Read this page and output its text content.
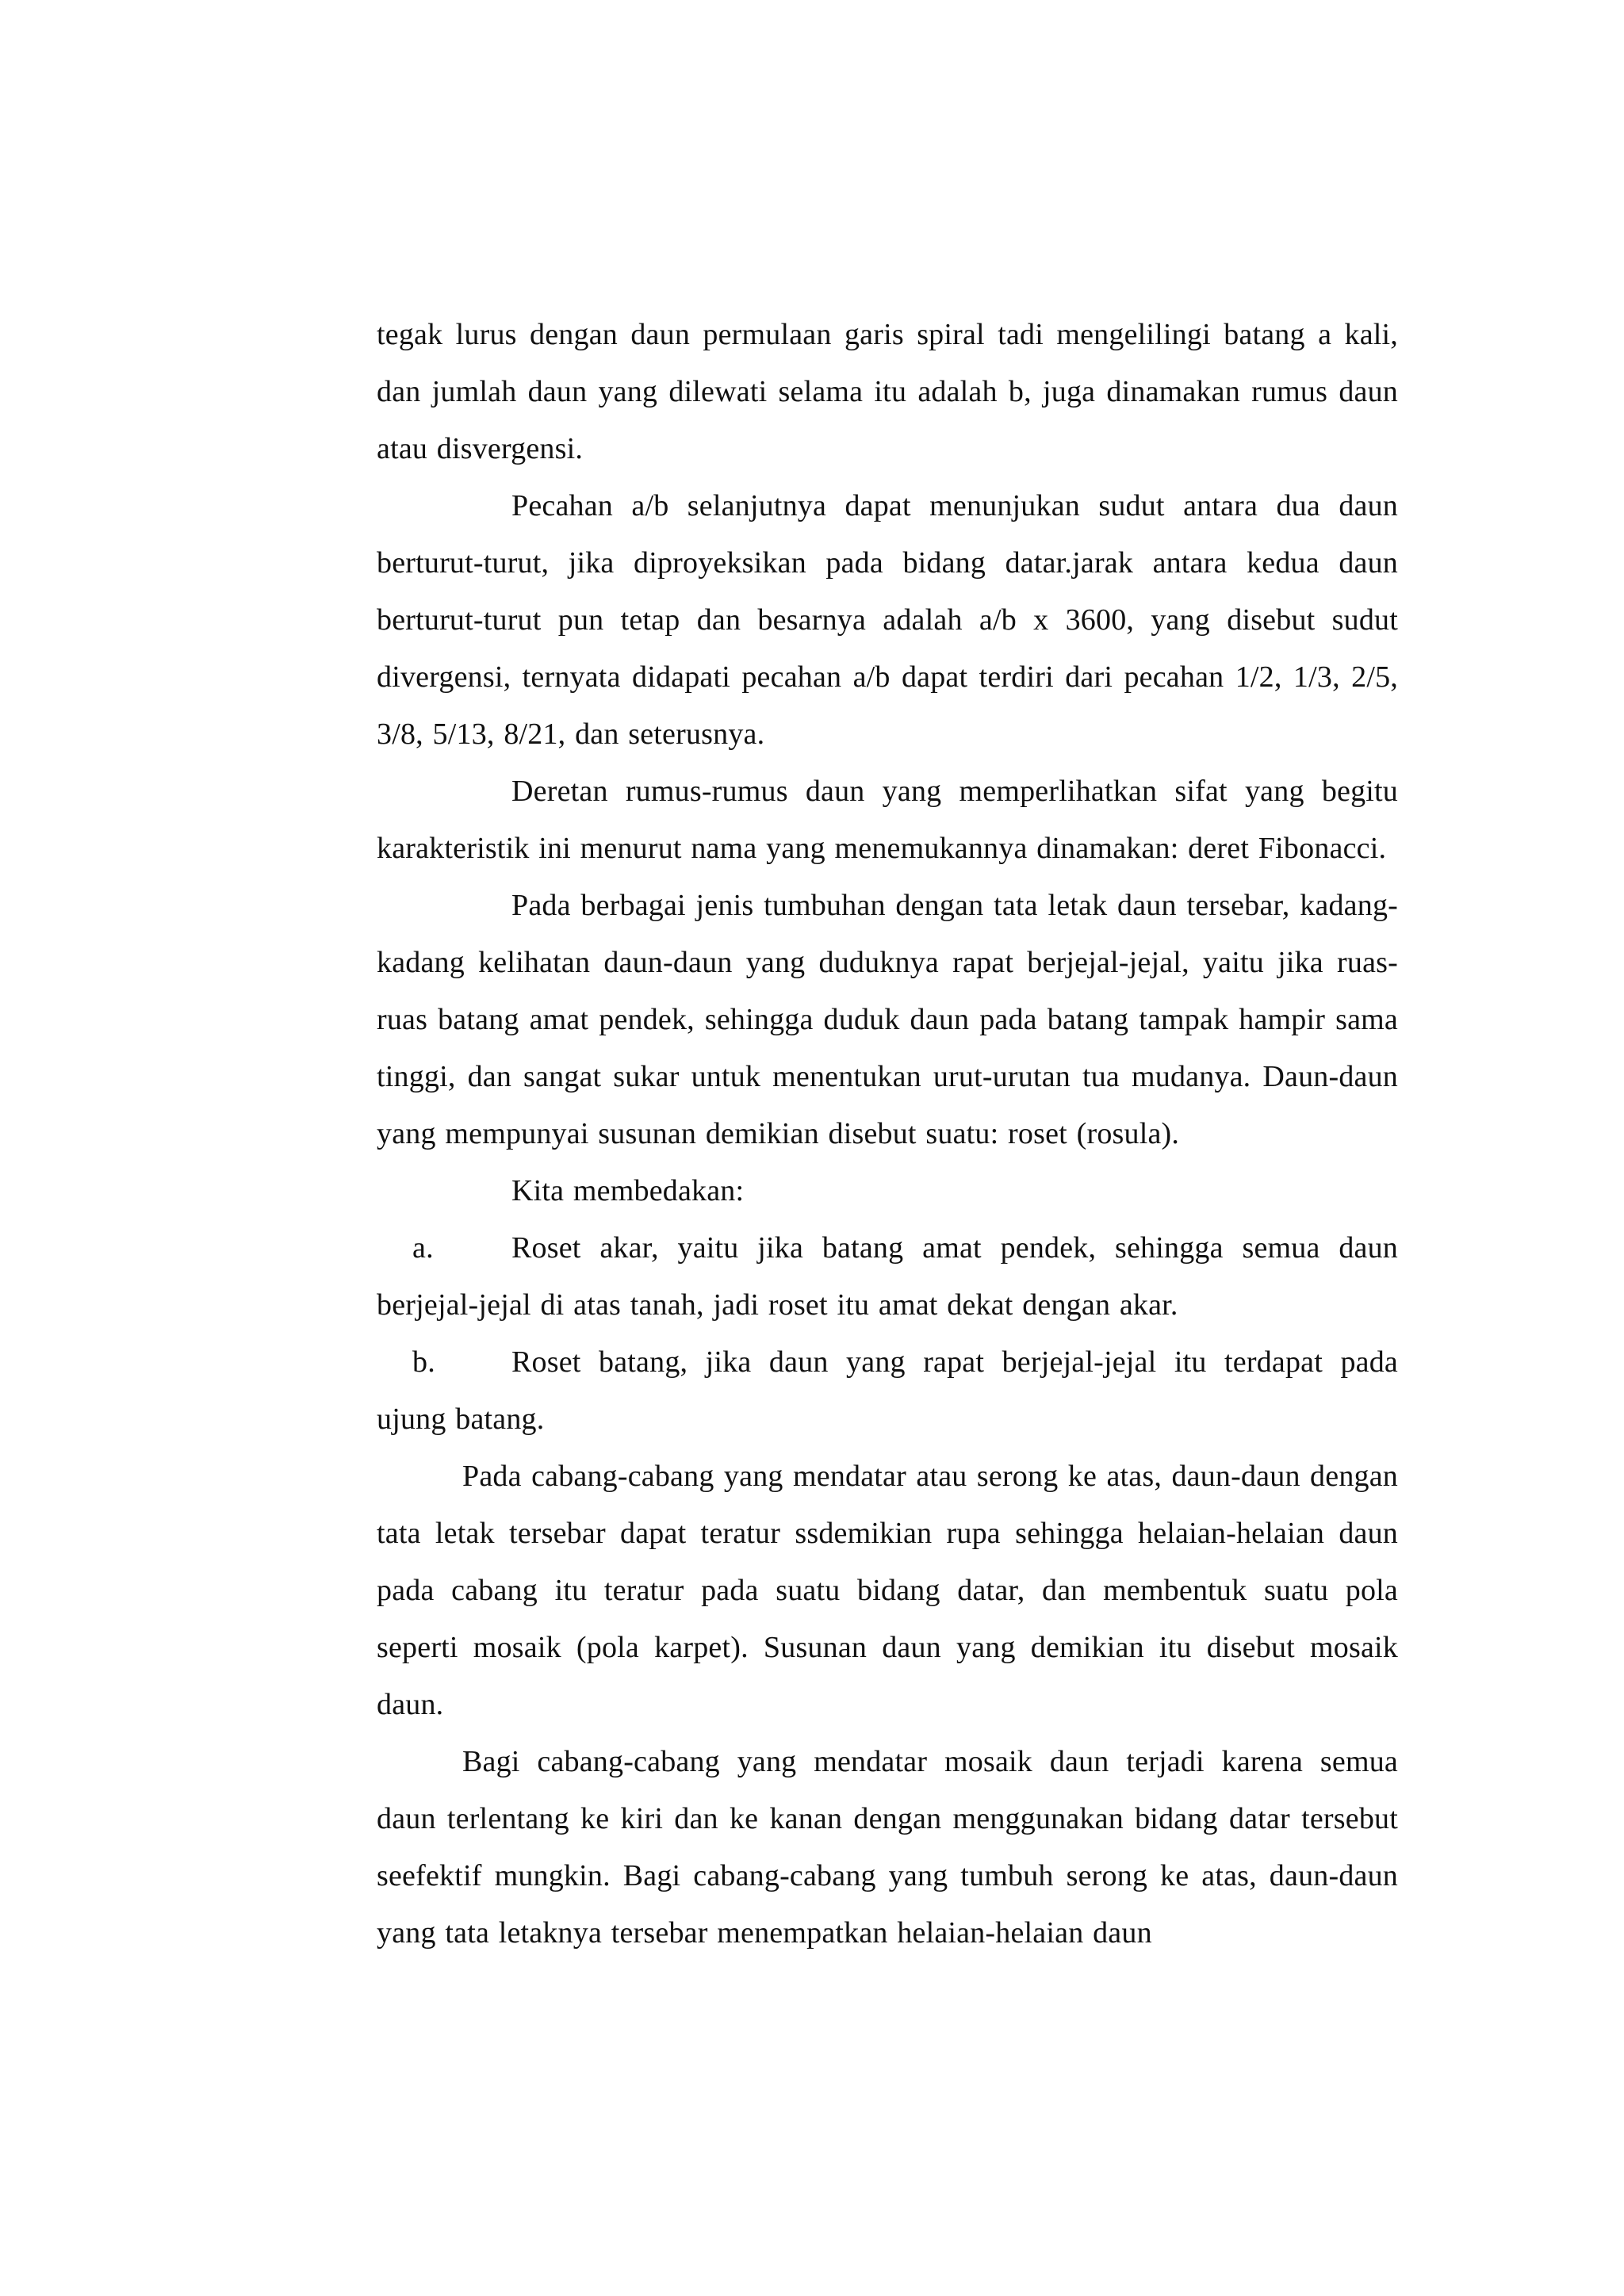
tegak lurus dengan daun permulaan garis spiral tadi mengelilingi batang a kali, dan jumlah daun yang dilewati selama itu adalah b, juga dinamakan rumus daun atau disvergensi.

Pecahan a/b selanjutnya dapat menunjukan sudut antara dua daun berturut-turut, jika diproyeksikan pada bidang datar.jarak antara kedua daun berturut-turut pun tetap dan besarnya adalah a/b x 3600, yang disebut sudut divergensi, ternyata didapati pecahan a/b dapat terdiri dari pecahan 1/2, 1/3, 2/5, 3/8, 5/13, 8/21, dan seterusnya.

Deretan rumus-rumus daun yang memperlihatkan sifat yang begitu karakteristik ini menurut nama yang menemukannya dinamakan: deret Fibonacci.

Pada berbagai jenis tumbuhan dengan tata letak daun tersebar, kadang-kadang kelihatan daun-daun yang duduknya rapat berjejal-jejal, yaitu jika ruas-ruas batang amat pendek, sehingga duduk daun pada batang tampak hampir sama tinggi, dan sangat sukar untuk menentukan urut-urutan tua mudanya. Daun-daun yang mempunyai susunan demikian disebut suatu: roset (rosula).

Kita membedakan:

a.	Roset akar, yaitu jika batang amat pendek, sehingga semua daun berjejal-jejal di atas tanah, jadi roset itu amat dekat dengan akar.

b.	Roset batang, jika daun yang rapat berjejal-jejal itu terdapat pada ujung batang.

Pada cabang-cabang yang mendatar atau serong ke atas, daun-daun dengan tata letak tersebar dapat teratur ssdemikian rupa sehingga helaian-helaian daun pada cabang itu teratur pada suatu bidang datar, dan membentuk suatu pola seperti mosaik (pola karpet). Susunan daun yang demikian itu disebut mosaik daun.

Bagi cabang-cabang yang mendatar mosaik daun terjadi karena semua daun terlentang ke kiri dan ke kanan dengan menggunakan bidang datar tersebut seefektif mungkin. Bagi cabang-cabang yang tumbuh serong ke atas, daun-daun yang tata letaknya tersebar menempatkan helaian-helaian daun
